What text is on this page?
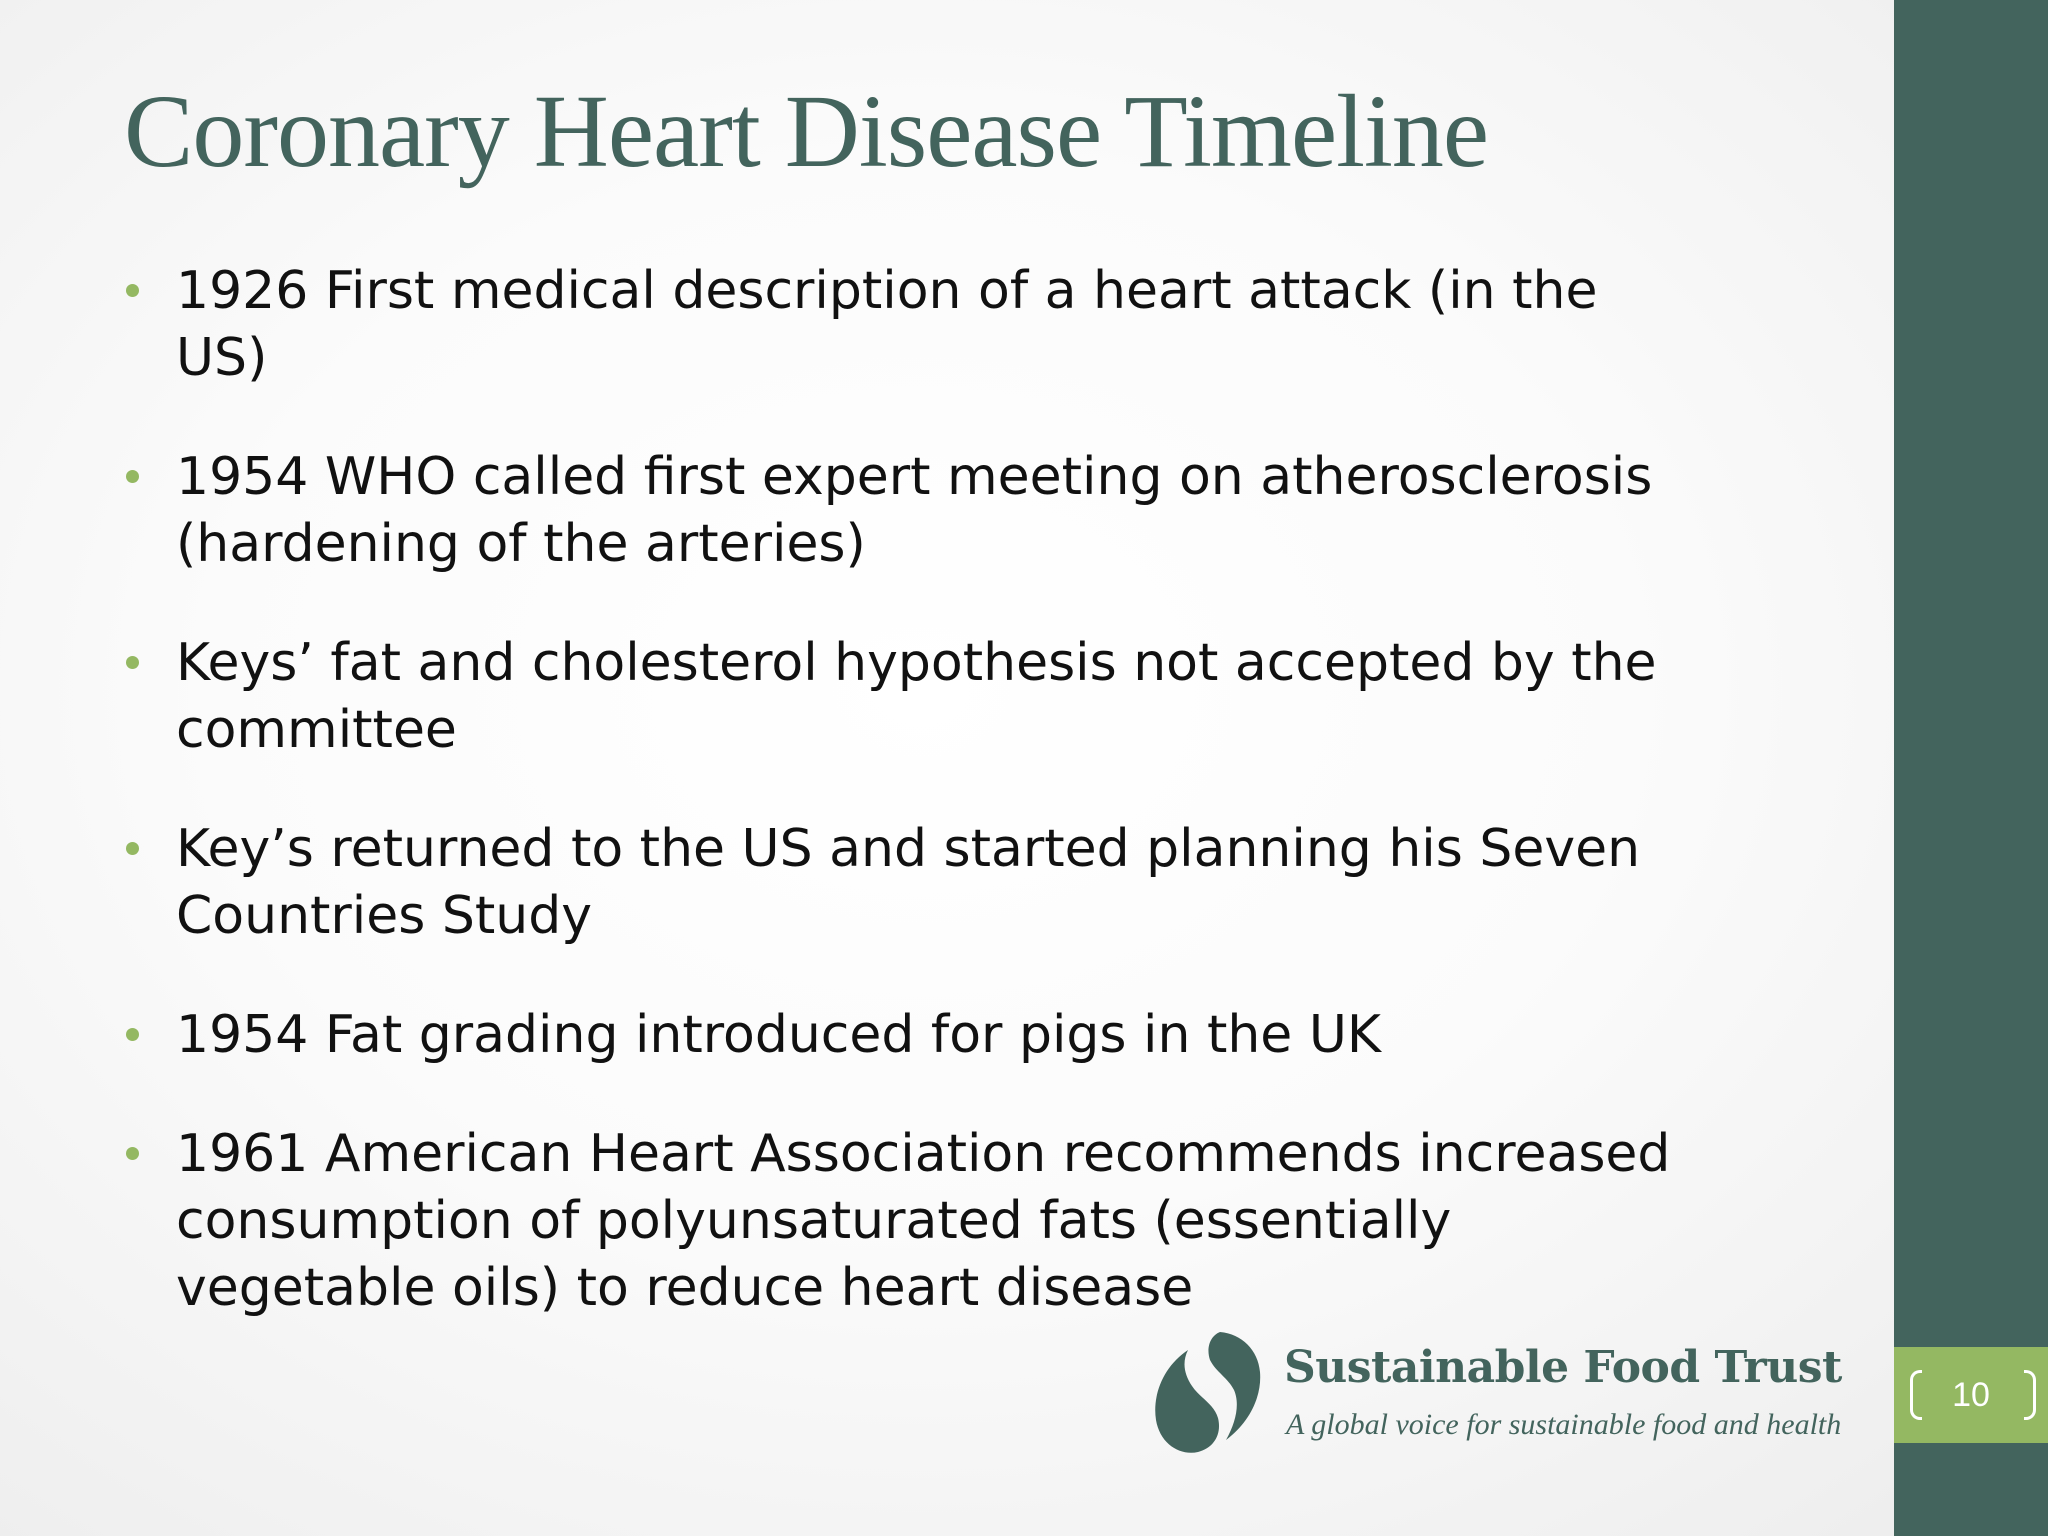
Coronary Heart Disease Timeline
1926 First medical description of a heart attack (in the US)
1954 WHO called first expert meeting on atherosclerosis (hardening of the arteries)
Keys’ fat and cholesterol hypothesis not accepted by the committee
Key’s returned to the US and started planning his Seven Countries Study
1954 Fat grading introduced for pigs in the UK
1961 American Heart Association recommends increased consumption of polyunsaturated fats (essentially vegetable oils) to reduce heart disease
Sustainable Food Trust
A global voice for sustainable food and health
10
